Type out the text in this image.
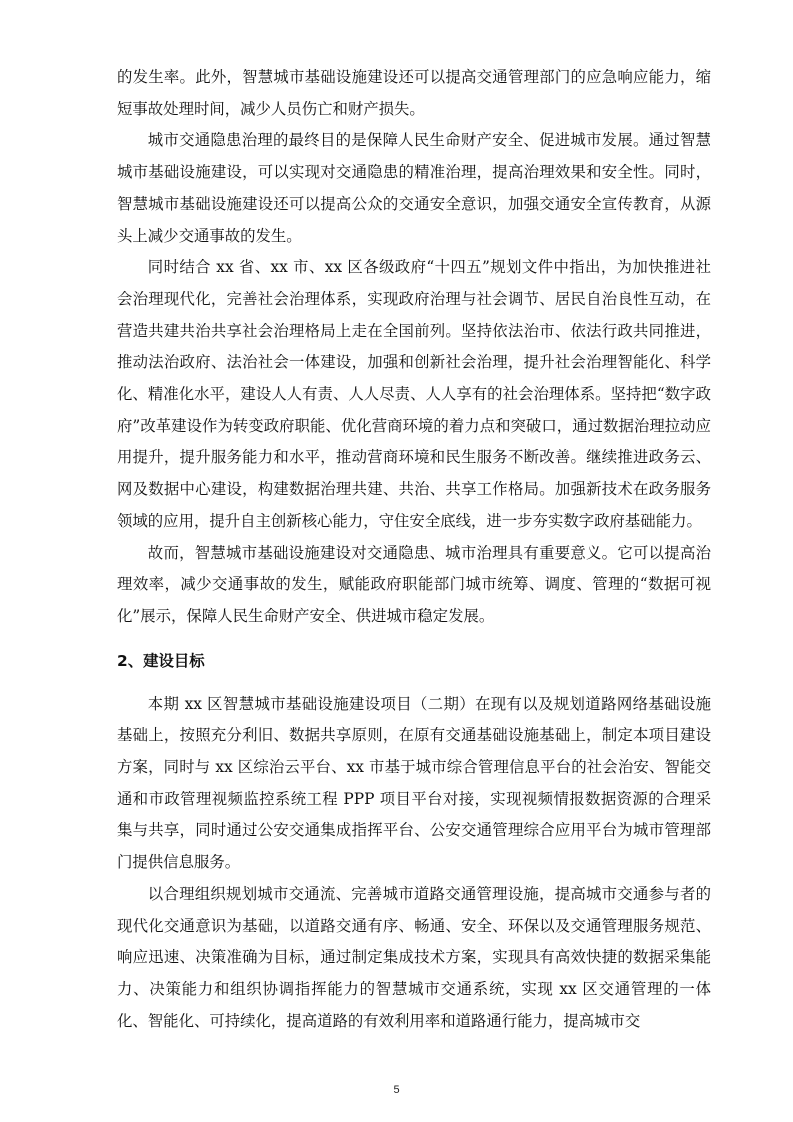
的发生率。此外，智慧城市基础设施建设还可以提高交通管理部门的应急响应能力，缩短事故处理时间，减少人员伤亡和财产损失。

城市交通隐患治理的最终目的是保障人民生命财产安全、促进城市发展。通过智慧城市基础设施建设，可以实现对交通隐患的精准治理，提高治理效果和安全性。同时，智慧城市基础设施建设还可以提高公众的交通安全意识，加强交通安全宣传教育，从源头上减少交通事故的发生。

同时结合 xx 省、xx 市、xx 区各级政府“十四五”规划文件中指出，为加快推进社会治理现代化，完善社会治理体系，实现政府治理与社会调节、居民自治良性互动，在营造共建共治共享社会治理格局上走在全国前列。坚持依法治市、依法行政共同推进，推动法治政府、法治社会一体建设，加强和创新社会治理，提升社会治理智能化、科学化、精准化水平，建设人人有责、人人尽责、人人享有的社会治理体系。坚持把“数字政府”改革建设作为转变政府职能、优化营商环境的着力点和突破口，通过数据治理拉动应用提升，提升服务能力和水平，推动营商环境和民生服务不断改善。继续推进政务云、网及数据中心建设，构建数据治理共建、共治、共享工作格局。加强新技术在政务服务领域的应用，提升自主创新核心能力，守住安全底线，进一步夯实数字政府基础能力。

故而，智慧城市基础设施建设对交通隐患、城市治理具有重要意义。它可以提高治理效率，减少交通事故的发生，赋能政府职能部门城市统筹、调度、管理的“数据可视化”展示，保障人民生命财产安全、供进城市稳定发展。

2、建设目标

本期 xx 区智慧城市基础设施建设项目（二期）在现有以及规划道路网络基础设施基础上，按照充分利旧、数据共享原则，在原有交通基础设施基础上，制定本项目建设方案，同时与 xx 区综治云平台、xx 市基于城市综合管理信息平台的社会治安、智能交通和市政管理视频监控系统工程 PPP 项目平台对接，实现视频情报数据资源的合理采集与共享，同时通过公安交通集成指挥平台、公安交通管理综合应用平台为城市管理部门提供信息服务。

以合理组织规划城市交通流、完善城市道路交通管理设施，提高城市交通参与者的现代化交通意识为基础，以道路交通有序、畅通、安全、环保以及交通管理服务规范、响应迅速、决策准确为目标，通过制定集成技术方案，实现具有高效快捷的数据采集能力、决策能力和组织协调指挥能力的智慧城市交通系统，实现 xx 区交通管理的一体化、智能化、可持续化，提高道路的有效利用率和道路通行能力，提高城市交

5
